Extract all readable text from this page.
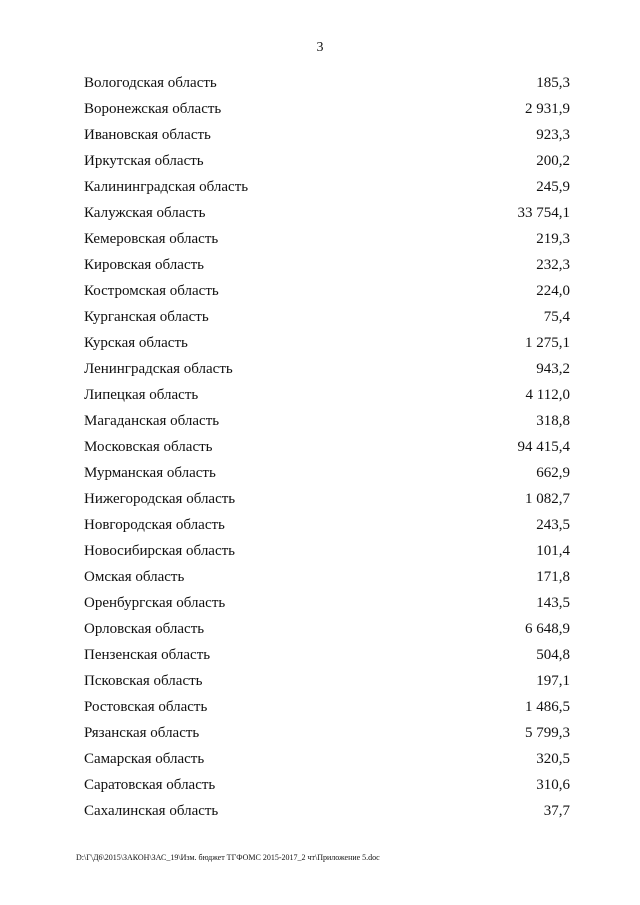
3
Вологодская область	185,3
Воронежская область	2 931,9
Ивановская область	923,3
Иркутская область	200,2
Калининградская область	245,9
Калужская область	33 754,1
Кемеровская область	219,3
Кировская область	232,3
Костромская область	224,0
Курганская область	75,4
Курская область	1 275,1
Ленинградская область	943,2
Липецкая область	4 112,0
Магаданская область	318,8
Московская область	94 415,4
Мурманская область	662,9
Нижегородская область	1 082,7
Новгородская область	243,5
Новосибирская область	101,4
Омская область	171,8
Оренбургская область	143,5
Орловская область	6 648,9
Пензенская область	504,8
Псковская область	197,1
Ростовская область	1 486,5
Рязанская область	5 799,3
Самарская область	320,5
Саратовская область	310,6
Сахалинская область	37,7
D:\Г\Д6\2015\ЗАКОН\ЗАС_19\Изм. бюджет ТГФОМС 2015-2017_2 чт\Приложение 5.doc
